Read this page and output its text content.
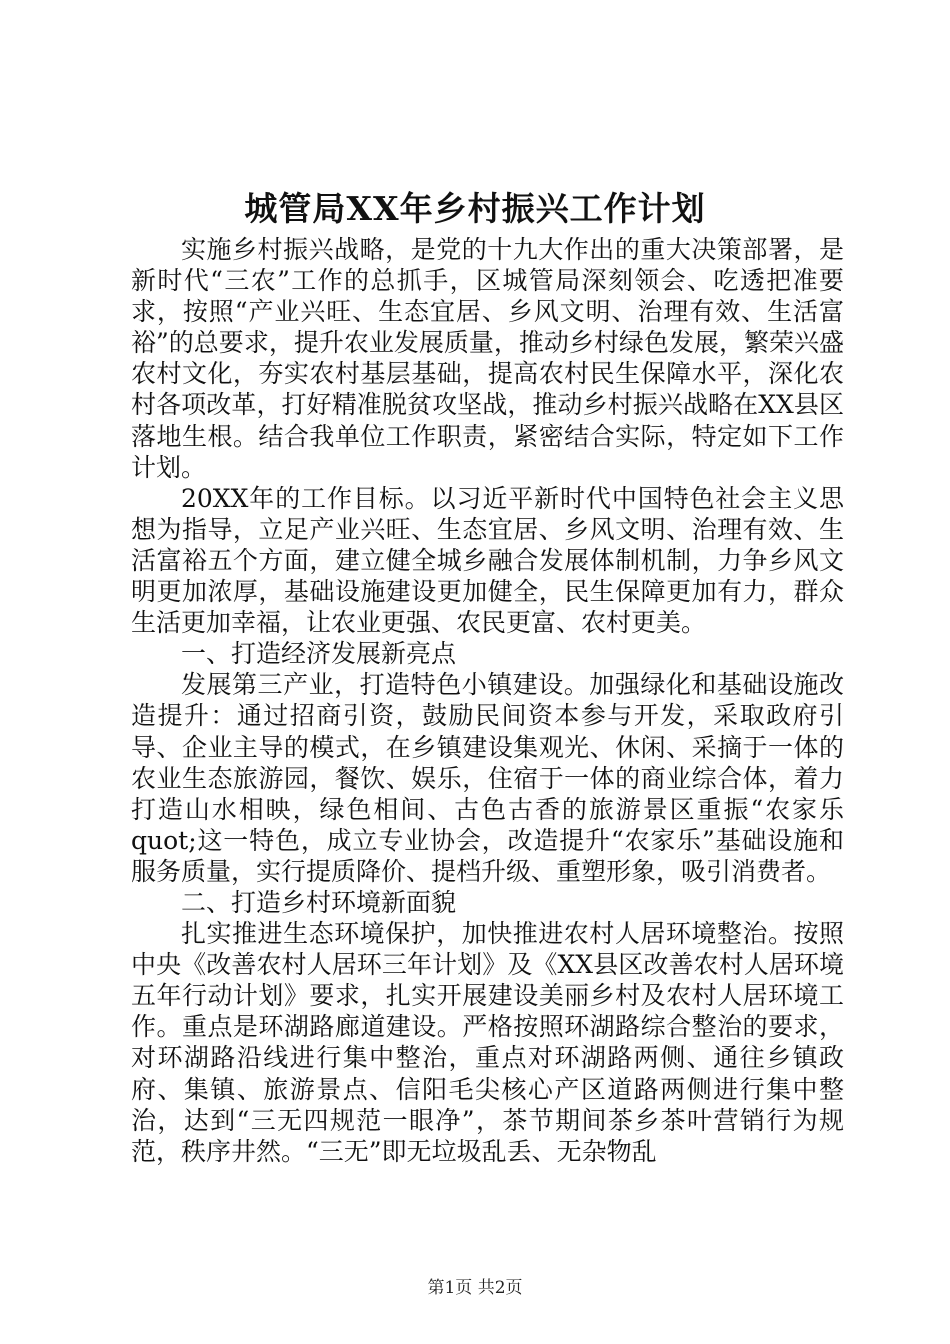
城管局XX年乡村振兴工作计划

实施乡村振兴战略，是党的十九大作出的重大决策部署，是新时代“三农”工作的总抓手，区城管局深刻领会、吃透把准要求，按照“产业兴旺、生态宜居、乡风文明、治理有效、生活富裕”的总要求，提升农业发展质量，推动乡村绿色发展，繁荣兴盛农村文化，夯实农村基层基础，提高农村民生保障水平，深化农村各项改革，打好精准脱贫攻坚战，推动乡村振兴战略在XX县区落地生根。结合我单位工作职责，紧密结合实际，特定如下工作计划。

20XX年的工作目标。以习近平新时代中国特色社会主义思想为指导，立足产业兴旺、生态宜居、乡风文明、治理有效、生活富裕五个方面，建立健全城乡融合发展体制机制，力争乡风文明更加浓厚，基础设施建设更加健全，民生保障更加有力，群众生活更加幸福，让农业更强、农民更富、农村更美。

一、打造经济发展新亮点

发展第三产业，打造特色小镇建设。加强绿化和基础设施改造提升：通过招商引资，鼓励民间资本参与开发，采取政府引导、企业主导的模式，在乡镇建设集观光、休闲、采摘于一体的农业生态旅游园，餐饮、娱乐，住宿于一体的商业综合体，着力打造山水相映，绿色相间、古色古香的旅游景区重振“农家乐quot;这一特色，成立专业协会，改造提升“农家乐”基础设施和服务质量，实行提质降价、提档升级、重塑形象，吸引消费者。

二、打造乡村环境新面貌

扎实推进生态环境保护，加快推进农村人居环境整治。按照中央《改善农村人居环三年计划》及《XX县区改善农村人居环境五年行动计划》要求，扎实开展建设美丽乡村及农村人居环境工作。重点是环湖路廊道建设。严格按照环湖路综合整治的要求，对环湖路沿线进行集中整治，重点对环湖路两侧、通往乡镇政府、集镇、旅游景点、信阳毛尖核心产区道路两侧进行集中整治，达到“三无四规范一眼净”，茶节期间茶乡茶叶营销行为规范，秩序井然。“三无”即无垃圾乱丢、无杂物乱

第1页 共2页
